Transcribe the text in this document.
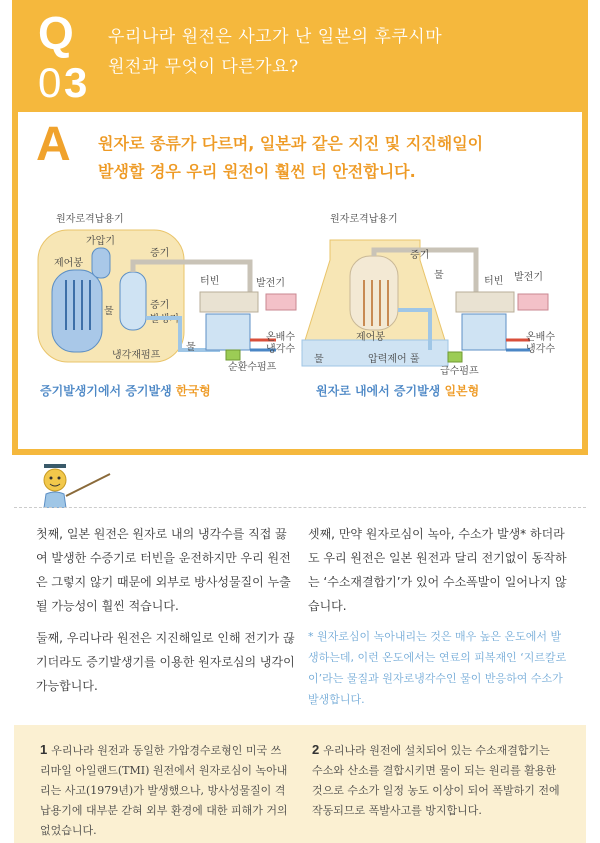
Q
0 3
우리나라 원전은 사고가 난 일본의 후쿠시마
원전과 무엇이 다른가요?
A 원자로 종류가 다르며, 일본과 같은 지진 및 지진해일이
발생할 경우 우리 원전이 훨씬 더 안전합니다.
원자로격납용기
제어봉
가압기
증기
발생기
물
냉각재펌프
증기
물
터빈	발전기
온배수
냉각수
순환수펌프
원자로격납용기
물	압력제어 풀
제어봉
증기
물
터빈 발전기
온배수
냉각수
급수펌프
증기발생기에서 증기발생 한국형	원자로 내에서 증기발생 일본형

첫째, 일본 원전은 원자로 내의 냉각수를 직접 끓여 발생한 수증기로 터빈을 운전하지만 우리 원전은 그렇지 않기 때문에 외부로 방사성물질이 누출될 가능성이 훨씬 적습니다.

둘째, 우리나라 원전은 지진해일로 인해 전기가 끊기더라도 증기발생기를 이용한 원자로심의 냉각이 가능합니다.

셋째, 만약 원자로심이 녹아, 수소가 발생* 하더라도 우리 원전은 일본 원전과 달리 전기없이 동작하는 ‘수소재결합기’가 있어 수소폭발이 일어나지 않습니다.

* 원자로심이 녹아내리는 것은 매우 높은 온도에서 발생하는데, 이런 온도에서는 연료의 피복재인 ‘지르칼로이’라는 물질과 원자로냉각수인 물이 반응하여 수소가 발생합니다.
1 우리나라 원전과 동일한 가압경수로형인 미국 쓰리마일 아일랜드(TMI) 원전에서 원자로심이 녹아내리는 사고(1979년)가 발생했으나, 방사성물질이 격납용기에 대부분 갇혀 외부 환경에 대한 피해가 거의 없었습니다.
2 우리나라 원전에 설치되어 있는 수소재결합기는 수소와 산소를 결합시키면 물이 되는 원리를 활용한 것으로 수소가 일정 농도 이상이 되어 폭발하기 전에 작동되므로 폭발사고를 방지합니다.
